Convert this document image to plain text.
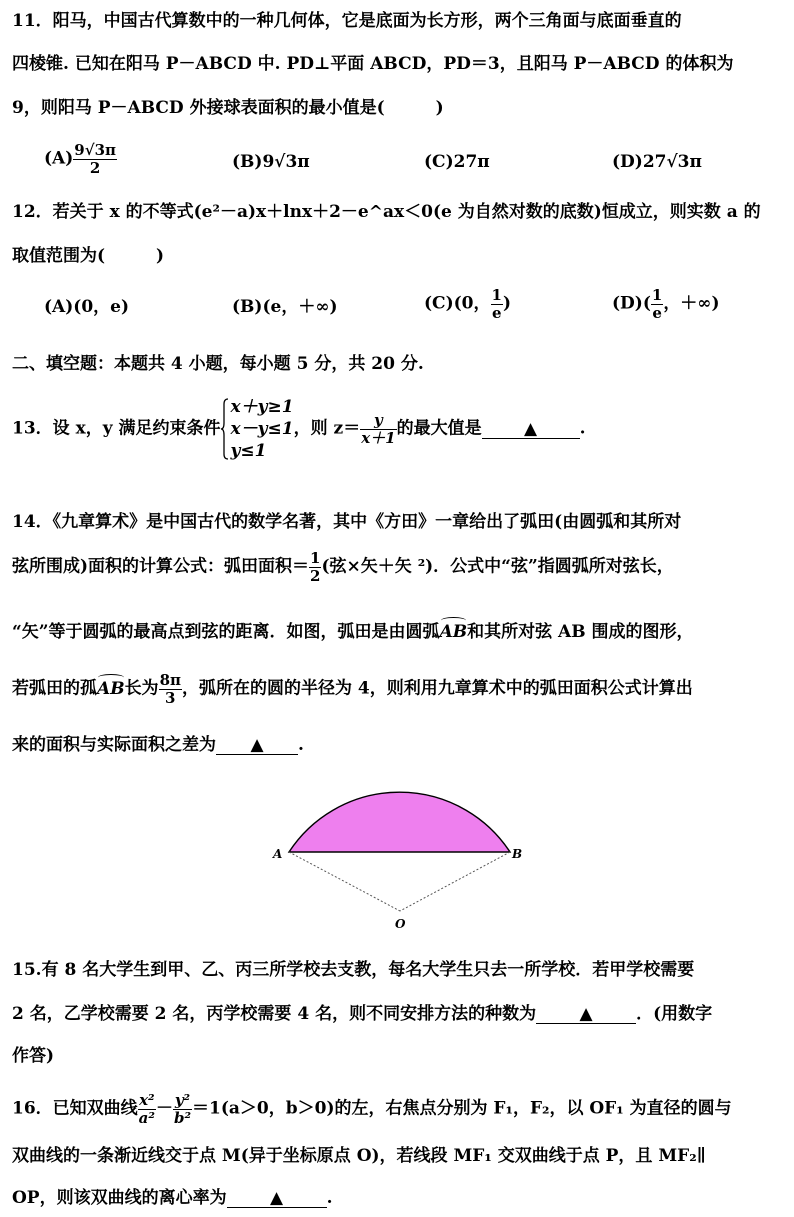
11．阳马，中国古代算数中的一种几何体，它是底面为长方形，两个三角面与底面垂直的
四棱锥. 已知在阳马 P－ABCD 中. PD⊥平面 ABCD，PD＝3，且阳马 P－ABCD 的体积为
9，则阳马 P－ABCD 外接球表面积的最小值是(　　　)
$(A) \frac{9√3\pi}{2}$	(B)9√3π	(C)27π	(D)27√3π
12．若关于 x 的不等式(e²－a)x＋lnx＋2－e^ax＜0(e 为自然对数的底数)恒成立，则实数 a 的
取值范围为(　　　)
(A)(0，e)	(B)(e，＋∞)	(C)(0， $\frac{1}{e}$ )	$(D)( \frac{1}{e}$ ，＋∞)
二、填空题：本题共 4 小题，每小题 5 分，共 20 分.
13．设 x，y 满足约束条件
x＋y≥1
x－y≤1
y≤1
，则 $z= \frac{y}{x+1}$ 的最大值是 ▲ .
14．《九章算术》是中国古代的数学名著，其中《方田》一章给出了弧田(由圆弧和其所对
弦所围成)面积的计算公式：弧田面积＝ $\frac{1}{2}$ (弦×矢＋矢 ²)．公式中“弦”指圆弧所对弦长，
“矢”等于圆弧的最高点到弦的距离．如图，弧田是由圆弧AB和其所对弦 AB 围成的图形，
若弧田的孤AB长为 $\frac{8\pi}{3}$ ，弧所在的圆的半径为 4，则利用九章算术中的弧田面积公式计算出
来的面积与实际面积之差为 ▲ .
A	B
O
15.有 8 名大学生到甲、乙、丙三所学校去支教，每名大学生只去一所学校．若甲学校需要
2 名，乙学校需要 2 名，丙学校需要 4 名，则不同安排方法的种数为	▲	．(用数字
作答)
16．已知双曲线 $\frac{\text{x²}}{\text{a²}} - \frac{\text{y²}}{\text{b²}} =1(a>0$，b＞0)的左，右焦点分别为 F₁，F₂，以 OF₁ 为直径的圆与
双曲线的一条渐近线交于点 M(异于坐标原点 O)，若线段 MF₁ 交双曲线于点 P，且 MF₂∥
OP，则该双曲线的离心率为	▲	.
